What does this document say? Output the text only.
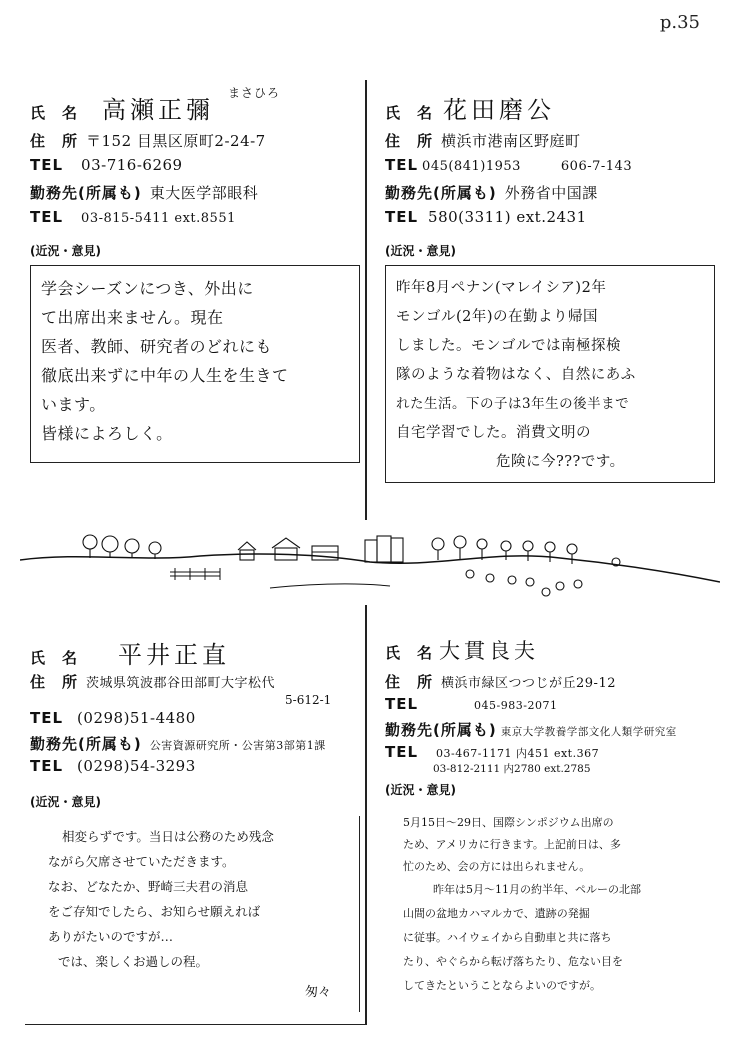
p.35
まさひろ
氏　名 高瀬正彌
住　所 〒152 目黒区原町2-24-7
TEL 03-716-6269
勤務先(所属も) 東大医学部眼科
TEL 03-815-5411 ext.8551
(近況・意見)
学会シーズンにつき、外出に
て出席出来ません。現在
医者、教師、研究者のどれにも
徹底出来ずに中年の人生を生きて
います。
皆様によろしく。
氏　名 花田磨公
住　所 横浜市港南区野庭町
TEL 045(841)1953	606-7-143
勤務先(所属も) 外務省中国課
TEL 580(3311) ext.2431
(近況・意見)
昨年8月ペナン(マレイシア)2年
モンゴル(2年)の在勤より帰国
しました。モンゴルでは南極探検
隊のような着物はなく、自然にあふ
れた生活。下の子は3年生の後半まで
自宅学習でした。消費文明の
危険に今???です。
氏　名 平井正直
住　所 茨城県筑波郡谷田部町大字松代
5-612-1
TEL (0298)51-4480
勤務先(所属も) 公害資源研究所・公害第3部第1課
TEL (0298)54-3293
(近況・意見)
相変らずです。当日は公務のため残念
ながら欠席させていただきます。
なお、どなたか、野崎三夫君の消息
をご存知でしたら、お知らせ願えれば
ありがたいのですが…
では、楽しくお過しの程。
匆々
氏　名 大貫良夫
住　所 横浜市緑区つつじが丘29-12
TEL	045-983-2071
勤務先(所属も) 東京大学教養学部文化人類学研究室
TEL 03-467-1171 内451 ext.367
03-812-2111 内2780 ext.2785
(近況・意見)
5月15日～29日、国際シンポジウム出席の
ため、アメリカに行きます。上記前日は、多
忙のため、会の方には出られません。
昨年は5月～11月の約半年、ペルーの北部
山間の盆地カハマルカで、遺跡の発掘
に従事。ハイウェイから自動車と共に落ち
たり、やぐらから転げ落ちたり、危ない目を
してきたということならよいのですが。
